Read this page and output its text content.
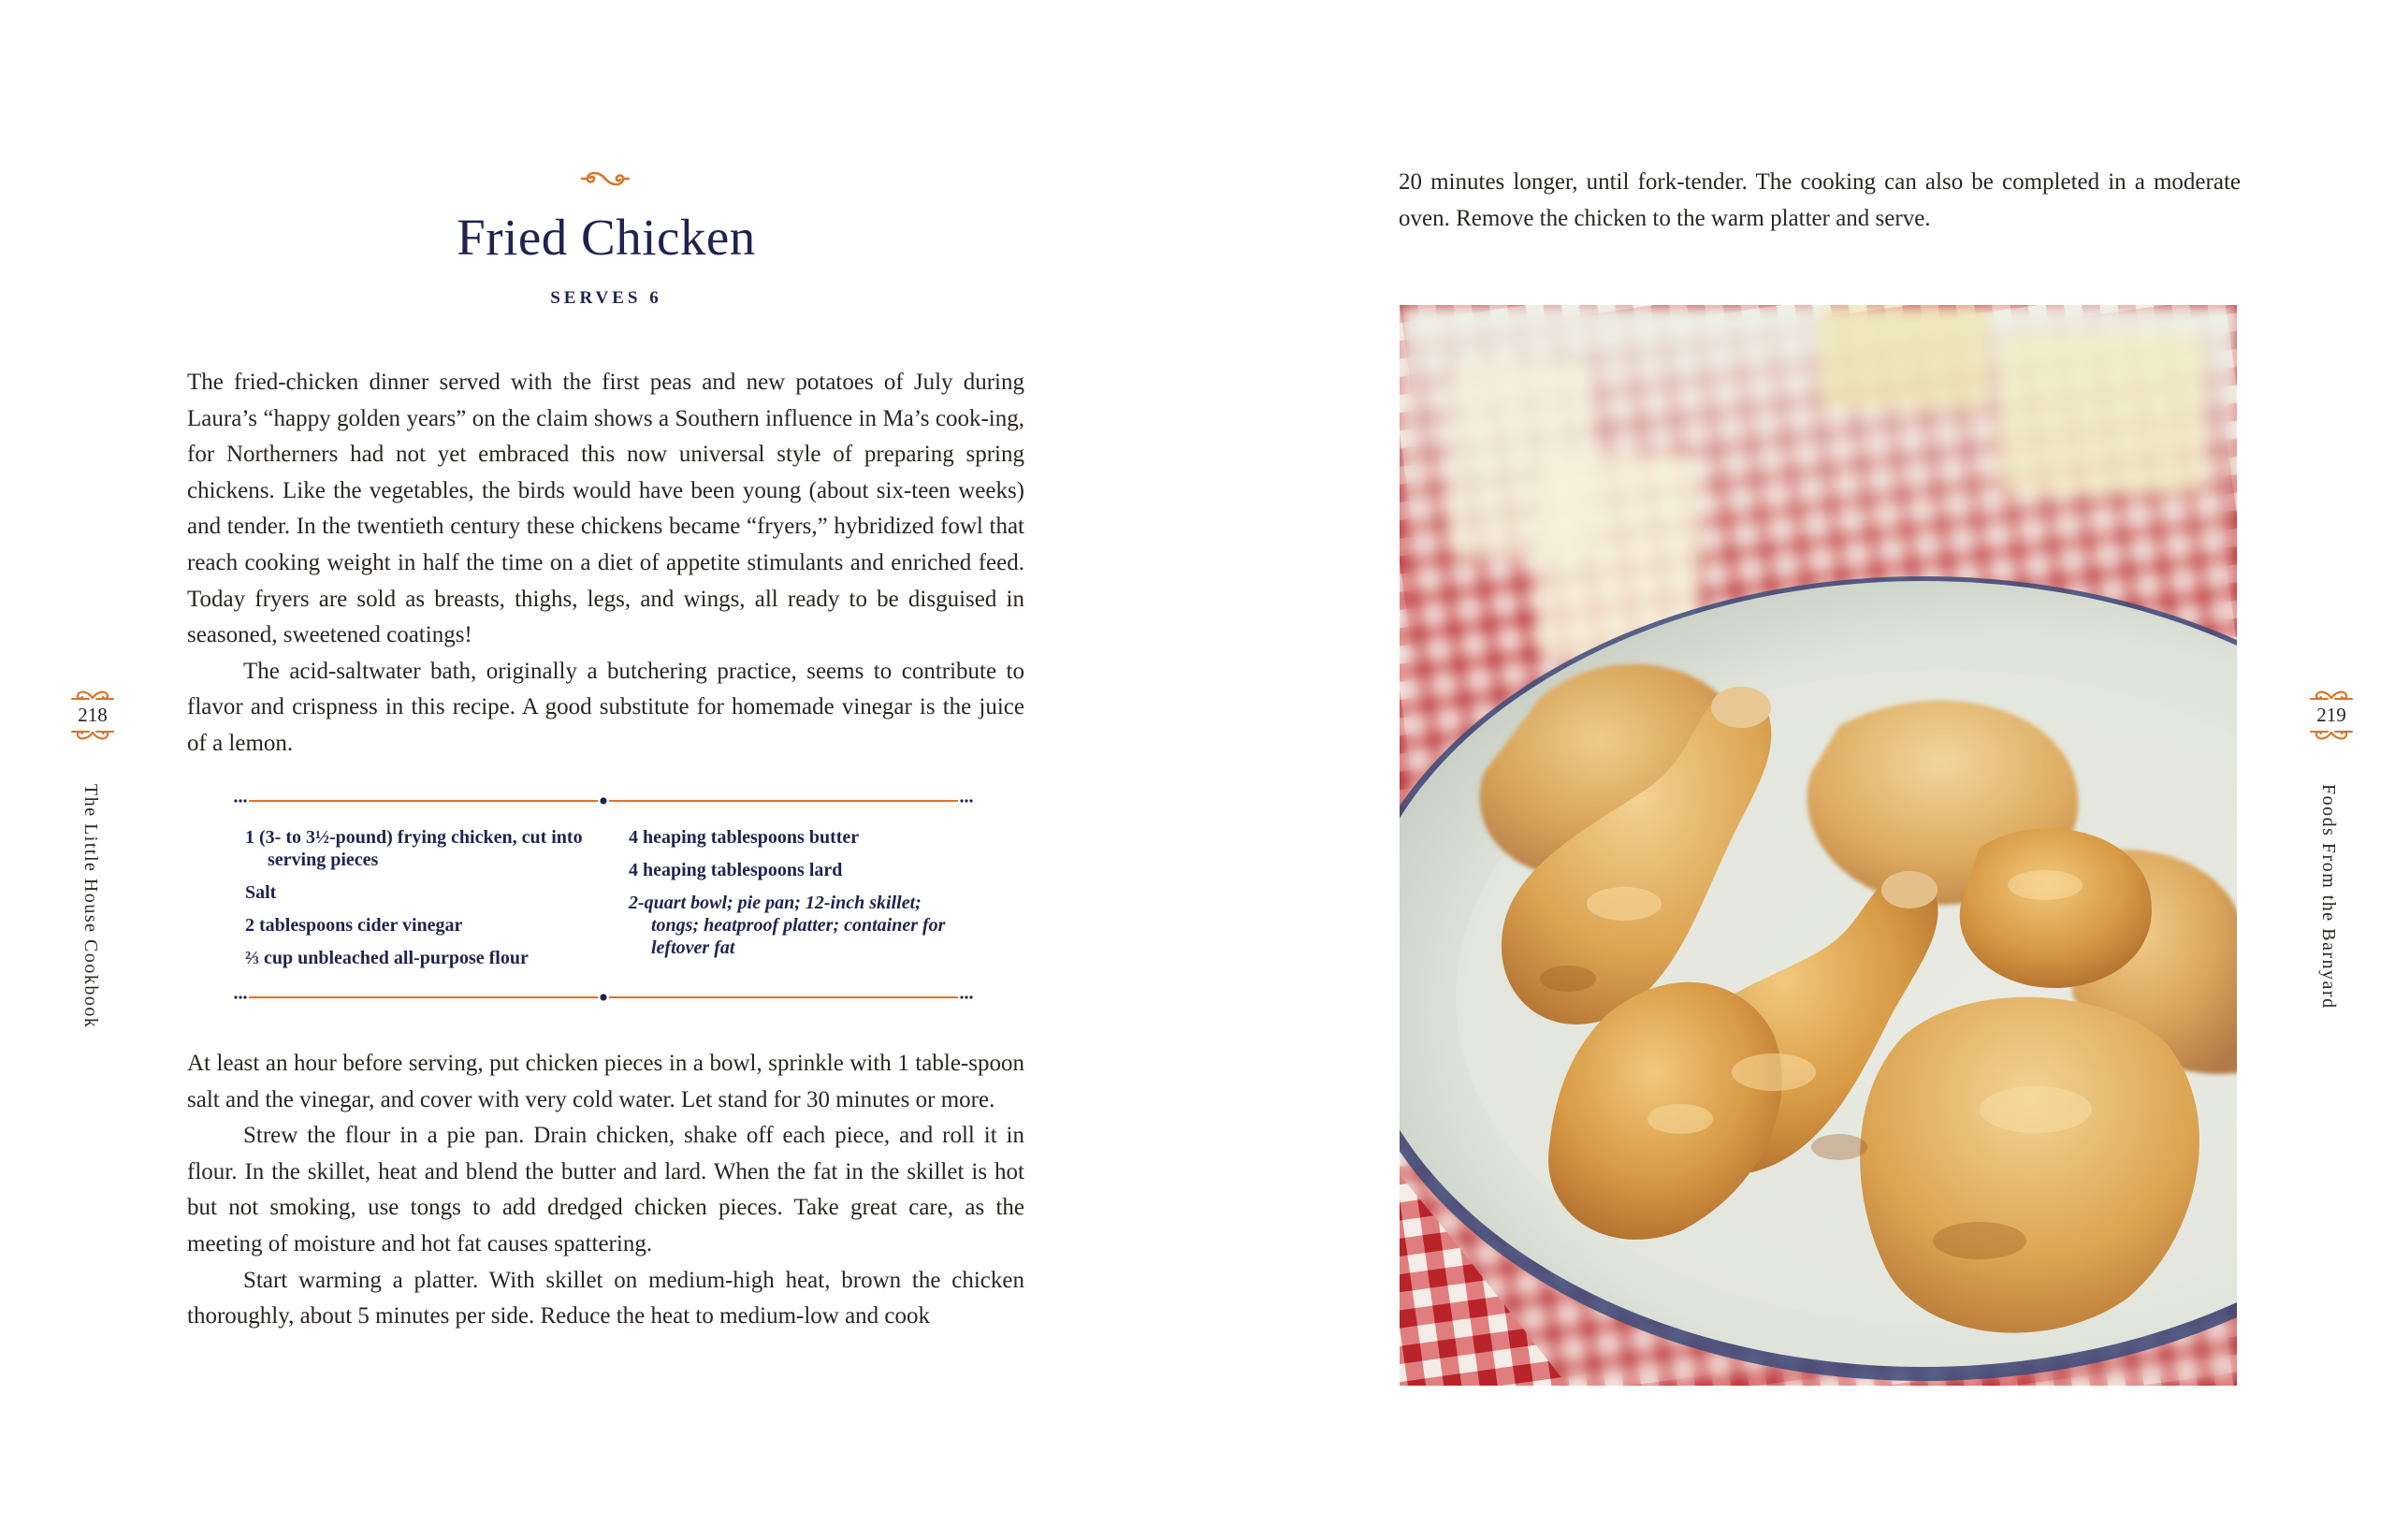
Fried Chicken
SERVES 6

The fried-chicken dinner served with the first peas and new potatoes of July during Laura’s “happy golden years” on the claim shows a Southern influence in Ma’s cook-ing, for Northerners had not yet embraced this now universal style of preparing spring chickens. Like the vegetables, the birds would have been young (about six-teen weeks) and tender. In the twentieth century these chickens became “fryers,” hybridized fowl that reach cooking weight in half the time on a diet of appetite stimulants and enriched feed. Today fryers are sold as breasts, thighs, legs, and wings, all ready to be disguised in seasoned, sweetened coatings!

The acid-saltwater bath, originally a butchering practice, seems to contribute to flavor and crispness in this recipe. A good substitute for homemade vinegar is the juice of a lemon.

1 (3- to 3½-pound) frying chicken, cut into serving pieces
Salt
2 tablespoons cider vinegar
⅔ cup unbleached all-purpose flour
4 heaping tablespoons butter
4 heaping tablespoons lard
2-quart bowl; pie pan; 12-inch skillet; tongs; heatproof platter; container for leftover fat

At least an hour before serving, put chicken pieces in a bowl, sprinkle with 1 table-spoon salt and the vinegar, and cover with very cold water. Let stand for 30 minutes or more.

Strew the flour in a pie pan. Drain chicken, shake off each piece, and roll it in flour. In the skillet, heat and blend the butter and lard. When the fat in the skillet is hot but not smoking, use tongs to add dredged chicken pieces. Take great care, as the meeting of moisture and hot fat causes spattering.

Start warming a platter. With skillet on medium-high heat, brown the chicken thoroughly, about 5 minutes per side. Reduce the heat to medium-low and cook

218
The Little House Cookbook

20 minutes longer, until fork-tender. The cooking can also be completed in a moderate oven. Remove the chicken to the warm platter and serve.

219
Foods From the Barnyard
